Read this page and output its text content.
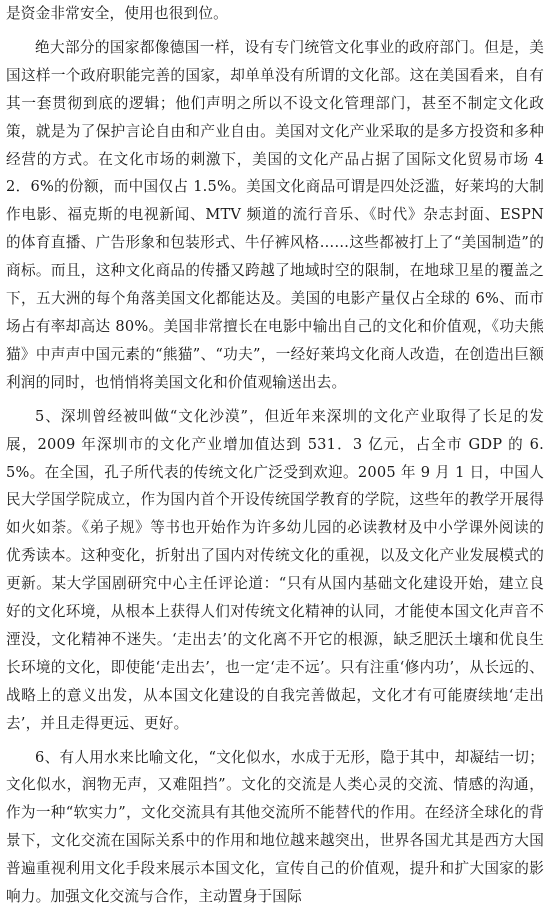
是资金非常安全，使用也很到位。

绝大部分的国家都像德国一样，设有专门统管文化事业的政府部门。但是，美国这样一个政府职能完善的国家，却单单没有所谓的文化部。这在美国看来，自有其一套贯彻到底的逻辑；他们声明之所以不设文化管理部门，甚至不制定文化政策，就是为了保护言论自由和产业自由。美国对文化产业采取的是多方投资和多种经营的方式。在文化市场的刺激下，美国的文化产品占据了国际文化贸易市场 42．6%的份额，而中国仅占 1.5%。美国文化商品可谓是四处泛滥，好莱坞的大制作电影、福克斯的电视新闻、MTV 频道的流行音乐、《时代》杂志封面、ESPN 的体育直播、广告形象和包装形式、牛仔裤风格……这些都被打上了“美国制造”的商标。而且，这种文化商品的传播又跨越了地域时空的限制，在地球卫星的覆盖之下，五大洲的每个角落美国文化都能达及。美国的电影产量仅占全球的 6%、而市场占有率却高达 80%。美国非常擅长在电影中输出自己的文化和价值观，《功夫熊猫》中声声中国元素的“熊猫”、“功夫”，一经好莱坞文化商人改造，在创造出巨额利润的同时，也悄悄将美国文化和价值观输送出去。

5、深圳曾经被叫做“文化沙漠”，但近年来深圳的文化产业取得了长足的发展，2009 年深圳市的文化产业增加值达到 531．3 亿元，占全市 GDP 的 6.5%。在全国，孔子所代表的传统文化广泛受到欢迎。2005 年 9 月 1 日，中国人民大学国学院成立，作为国内首个开设传统国学教育的学院，这些年的教学开展得如火如荼。《弟子规》等书也开始作为许多幼儿园的必读教材及中小学课外阅读的优秀读本。这种变化，折射出了国内对传统文化的重视，以及文化产业发展模式的更新。某大学国剧研究中心主任评论道：“只有从国内基础文化建设开始，建立良好的文化环境，从根本上获得人们对传统文化精神的认同，才能使本国文化声音不湮没，文化精神不迷失。‘走出去’的文化离不开它的根源，缺乏肥沃土壤和优良生长环境的文化，即使能‘走出去’，也一定‘走不远’。只有注重‘修内功’，从长远的、战略上的意义出发，从本国文化建设的自我完善做起，文化才有可能赓续地‘走出去’，并且走得更远、更好。

6、有人用水来比喻文化，“文化似水，水成于无形，隐于其中，却凝结一切；文化似水，润物无声，又难阻挡”。文化的交流是人类心灵的交流、情感的沟通，作为一种“软实力”，文化交流具有其他交流所不能替代的作用。在经济全球化的背景下，文化交流在国际关系中的作用和地位越来越突出，世界各国尤其是西方大国普遍重视利用文化手段来展示本国文化，宣传自己的价值观，提升和扩大国家的影响力。加强文化交流与合作，主动置身于国际
